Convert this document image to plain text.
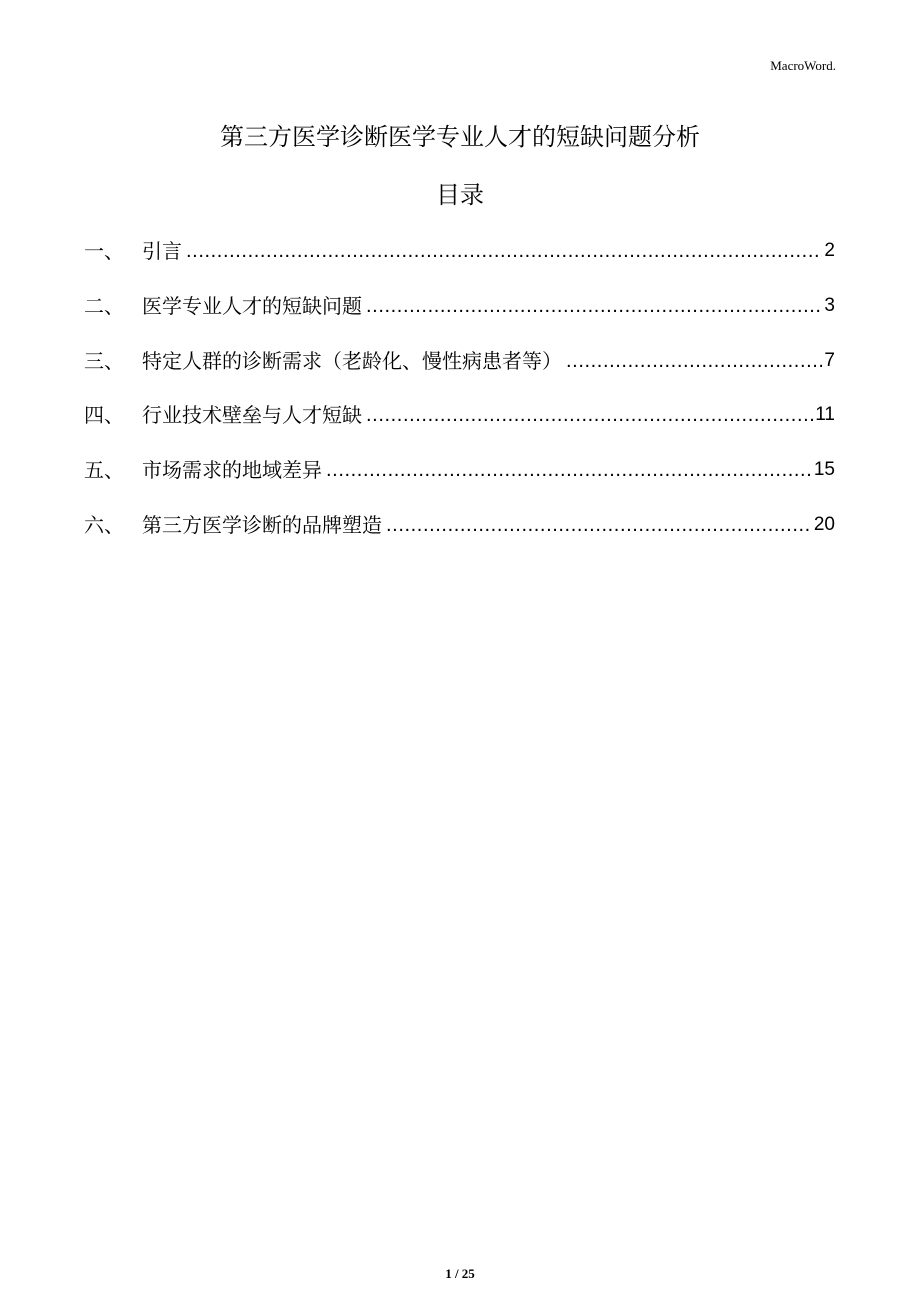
MacroWord.
第三方医学诊断医学专业人才的短缺问题分析
目录
一、 引言 .....	2
二、 医学专业人才的短缺问题 .....	3
三、 特定人群的诊断需求（老龄化、慢性病患者等） .....	7
四、 行业技术壁垒与人才短缺 .....	11
五、 市场需求的地域差异 .....	15
六、 第三方医学诊断的品牌塑造 .....	20
1 / 25
